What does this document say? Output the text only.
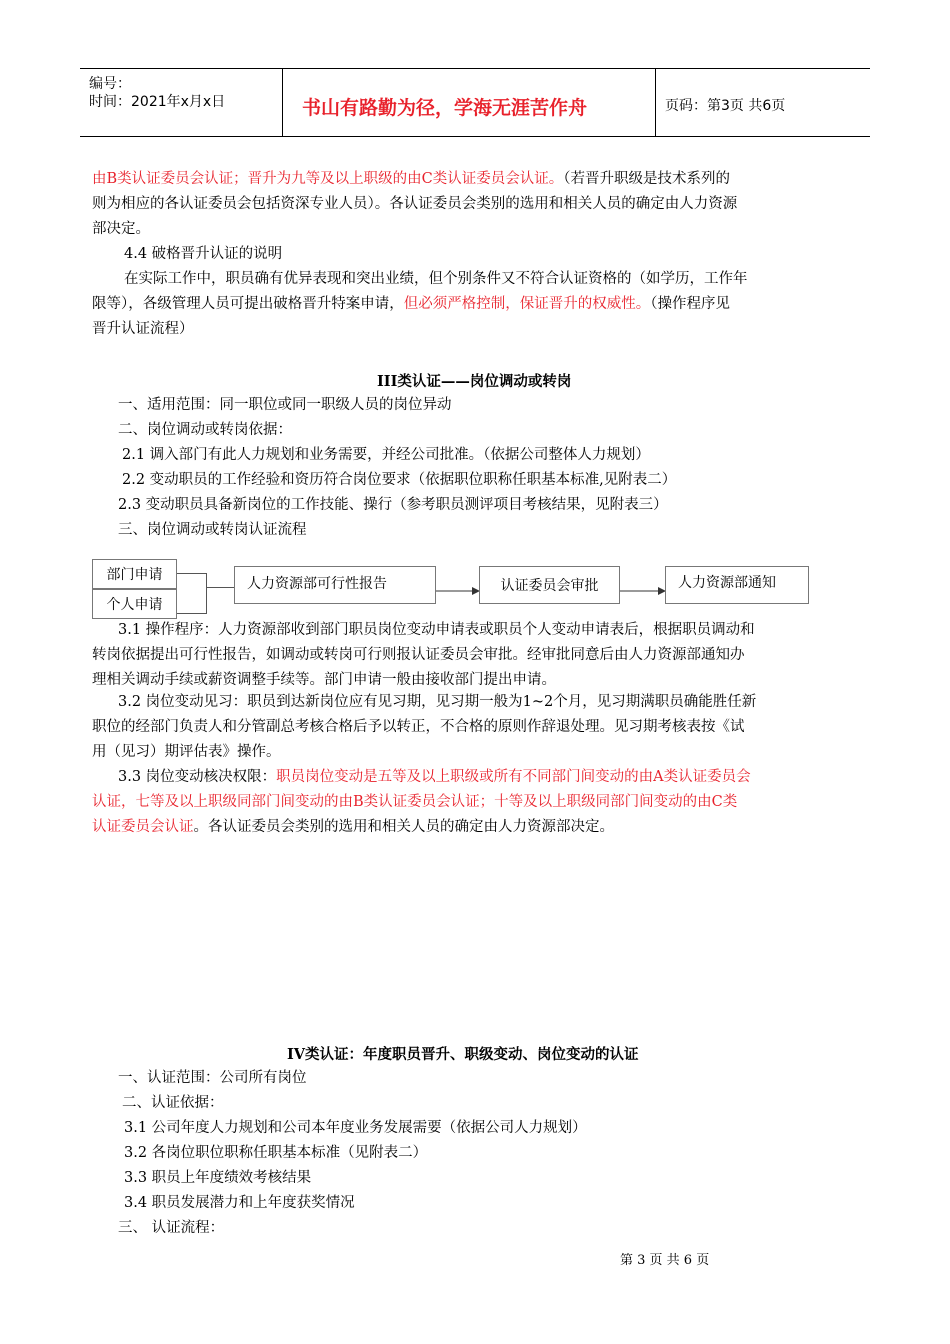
编号：
时间：2021年x月x日	书山有路勤为径，学海无涯苦作舟	页码：第3页 共6页
由B类认证委员会认证；晋升为九等及以上职级的由C类认证委员会认证。（若晋升职级是技术系列的
则为相应的各认证委员会包括资深专业人员）。各认证委员会类别的选用和相关人员的确定由人力资源
部决定。
4.4 破格晋升认证的说明
在实际工作中，职员确有优异表现和突出业绩，但个别条件又不符合认证资格的（如学历，工作年
限等），各级管理人员可提出破格晋升特案申请，但必须严格控制，保证晋升的权威性。（操作程序见
晋升认证流程）
III类认证——岗位调动或转岗
一、适用范围：同一职位或同一职级人员的岗位异动
二、岗位调动或转岗依据：
2.1 调入部门有此人力规划和业务需要，并经公司批准。（依据公司整体人力规划）
2.2 变动职员的工作经验和资历符合岗位要求（依据职位职称任职基本标准,见附表二）
2.3 变动职员具备新岗位的工作技能、操行（参考职员测评项目考核结果，见附表三）
三、岗位调动或转岗认证流程
部门申请
个人申请
人力资源部可行性报告	认证委员会审批	人力资源部通知
3.1 操作程序：人力资源部收到部门职员岗位变动申请表或职员个人变动申请表后，根据职员调动和
转岗依据提出可行性报告，如调动或转岗可行则报认证委员会审批。经审批同意后由人力资源部通知办
理相关调动手续或薪资调整手续等。部门申请一般由接收部门提出申请。
3.2 岗位变动见习：职员到达新岗位应有见习期，见习期一般为1~2个月，见习期满职员确能胜任新
职位的经部门负责人和分管副总考核合格后予以转正，不合格的原则作辞退处理。见习期考核表按《试
用（见习）期评估表》操作。
3.3 岗位变动核决权限：职员岗位变动是五等及以上职级或所有不同部门间变动的由A类认证委员会
认证，七等及以上职级同部门间变动的由B类认证委员会认证；十等及以上职级同部门间变动的由C类
认证委员会认证。各认证委员会类别的选用和相关人员的确定由人力资源部决定。
IV类认证：年度职员晋升、职级变动、岗位变动的认证
一、认证范围：公司所有岗位
二、认证依据：
3.1 公司年度人力规划和公司本年度业务发展需要（依据公司人力规划）
3.2 各岗位职位职称任职基本标准（见附表二）
3.3 职员上年度绩效考核结果
3.4 职员发展潜力和上年度获奖情况
三、 认证流程：
第 3 页 共 6 页
